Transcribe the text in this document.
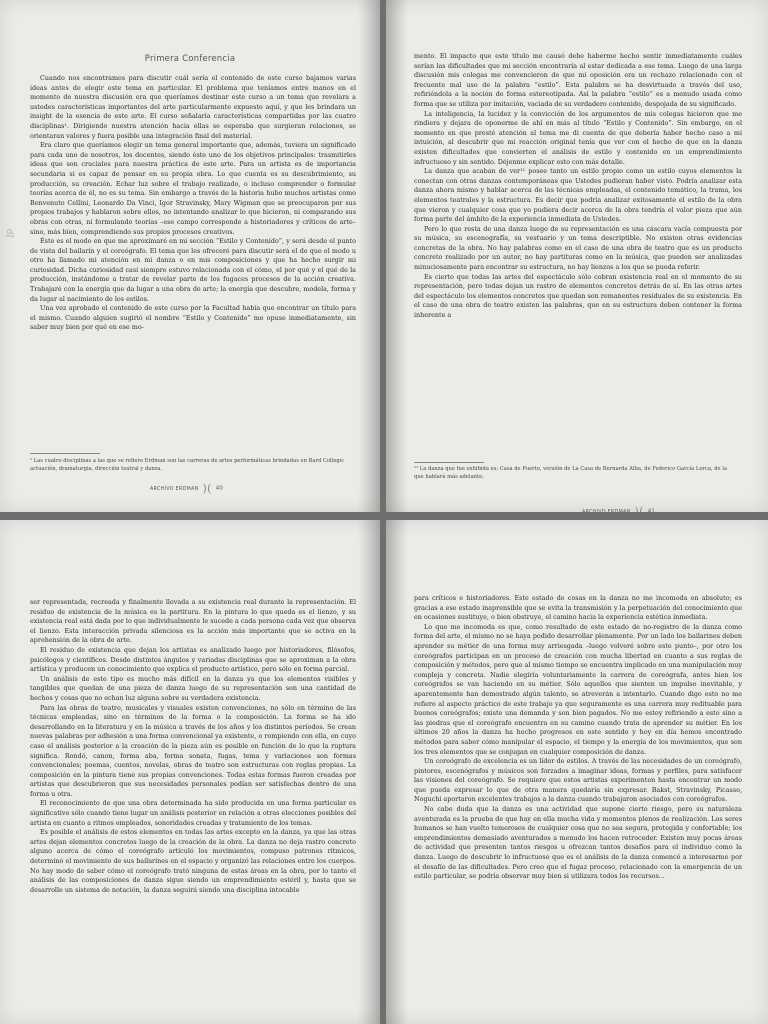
Primera Conferencia
Jp

Cuando nos encontramos para discutir cuál sería el contenido de este curso bajamos varias ideas antes de elegir este tema en particular. El problema que teníamos entre manos en el momento de nuestra discusión era que queríamos destinar este curso a un tema que revelara a ustedes características importantes del arte particularmente expuesto aquí, y que les brindara un insight de la esencia de este arte. El curso señalaría características compartidas por las cuatro disciplinas¹. Dirigiendo nuestra atención hacia ellas se esperaba que surgieran relaciones, se orientaran valores y fuera posible una integración final del material.

Era claro que queríamos elegir un tema general importante que, además, tuviera un significado para cada uno de nosotros, los docentes, siendo éste uno de los objetivos principales: trasmitirles ideas que son cruciales para nuestra práctica de este arte. Para un artista es de importancia secundaria si es capaz de pensar en su propia obra. Lo que cuenta es su descubrimiento, su producción, su creación. Echar luz sobre el trabajo realizado, o incluso comprender o formular teorías acerca de él, no es su tema. Sin embargo a través de la historia hubo muchos artistas como Benvenuto Cellini, Leonardo Da Vinci, Igor Stravinsky, Mary Wigman que se preocuparon por sus propios trabajos y hablaron sobre ellos, no intentando analizar lo que hicieron, ni comparando sus obras con otras, ni formulando teorías –ese campo corresponde a historiadores y críticos de arte– sino, más bien, comprendiendo sus propios procesos creativos.

Éste es el modo en que me aproximaré en mi sección “Estilo y Contenido”, y será desde el punto de vista del bailarín y el coreógrafo. El tema que les ofreceré para discutir será el de que el modo u otro ha llamado mi atención en mi danza o en mis composiciones y que ha hecho surgir mi curiosidad. Dicha curiosidad casi siempre estuvo relacionada con el cómo, el por qué y el qué de la producción, instándome a tratar de revelar parte de los fugaces procesos de la acción creativa. Trabajaré con la energía que da lugar a una obra de arte; la energía que descubre, modela, forma y da lugar al nacimiento de los estilos.

Una vez aprobado el contenido de este curso por la Facultad había que encontrar un título para el mismo. Cuando alguien sugirió el nombre “Estilo y Contenido” me opuse inmediatamente, sin saber muy bien por qué en ese mo-

¹ Las cuatro disciplinas a las que se refiere Erdman son las carreras de artes performáticas brindadas en Bard College: actuación, dramaturgia, dirección teatral y danza.
ARCHIVO ERDMAN )( 40

mento. El impacto que este título me causó debe haberme hecho sentir inmediatamente cuáles serían las dificultades que mi sección encontraría al estar dedicada a ese tema. Luego de una larga discusión mis colegas me convencieron de que mi oposición era un rechazo relacionado con el frecuente mal uso de la palabra “estilo”. Esta palabra se ha desvirtuado a través del uso, refiriéndola a la noción de forma estereotipada. Así la palabra “estilo” es a menudo usada como forma que se utiliza por imitación, vaciada de su verdadero contenido, despojada de su significado.

La inteligencia, la lucidez y la convicción de los argumentos de mis colegas hicieron que me rindiera y dejara de oponerme de ahí en más al título “Estilo y Contenido”. Sin embargo, en el momento en que presté atención al tema me di cuenta de que debería haber hecho caso a mi intuición, al descubrir que mi reacción original tenía que ver con el hecho de que en la danza existen dificultades que convierten el análisis de estilo y contenido en un emprendimiento infructuoso y sin sentido. Déjenme explicar esto con más detalle.

La danza que acaban de ver¹¹ posee tanto un estilo propio como un estilo cuyos elementos la conectan con otras danzas contemporáneas que Ustedes pudieran haber visto. Podría analizar esta danza ahora mismo y hablar acerca de las técnicas empleadas, el contenido temático, la trama, los elementos teatrales y la estructura. Es decir que podría analizar exitosamente el estilo de la obra que vieron y cualquier cosa que yo pudiera decir acerca de la obra tendría el valor pieza que aún forma parte del ámbito de la experiencia inmediata de Ustedes.

Pero lo que resta de una danza luego de su representación es una cáscara vacía compuesta por su música, su escenografía, su vestuario y un tema descriptible. No existen otras evidencias concretas de la obra. No hay palabras como en el caso de una obra de teatro que es un producto concreto realizado por un autor, no hay partituras como en la música, que pueden ser analizadas minuciosamente para encontrar su estructura, no hay lienzos a los que se pueda referir.

Es cierto que todas las artes del espectáculo sólo cobran existencia real en el momento de su representación, pero todas dejan un rastro de elementos concretos detrás de sí. En las otras artes del espectáculo los elementos concretos que quedan son remanentes residuales de su existencia. En el caso de una obra de teatro existen las palabras, que en su estructura deben contener la forma inherente a

¹¹ La danza que fue exhibida es: Casa de Puerto, versión de La Casa de Bernarda Alba, de Federico García Lorca, de la que hablará más adelante.

ser representada, recreada y finalmente llevada a su existencia real durante la representación. El residuo de existencia de la música es la partitura. En la pintura lo que queda es el lienzo, y su existencia real está dada por lo que individualmente le sucede a cada persona cada vez que observa el lienzo. Esta interacción privada silenciosa es la acción más importante que se activa en la aprehensión de la obra de arte.

El residuo de existencia que dejan los artistas es analizado luego por historiadores, filósofos, psicólogos y científicos. Desde distintos ángulos y variadas disciplinas que se aproximan a la obra artística y producen un conocimiento que explica el producto artístico, pero sólo en forma parcial.

Un análisis de este tipo es mucho más difícil en la danza ya que los elementos visibles y tangibles que quedan de una pieza de danza luego de su representación son una cantidad de hechos y cosas que no echan luz alguna sobre su verdadera existencia.

Para las obras de teatro, musicales y visuales existen convenciones, no sólo en término de las técnicas empleadas, sino en términos de la forma o la composición. La forma se ha ido desarrollando en la literatura y en la música a través de los años y los distintos períodos. Se crean nuevas palabras por adhesión a una forma convencional ya existente, o rompiendo con ella, en cuyo caso el análisis posterior a la creación de la pieza aún es posible en función de lo que la ruptura significa. Rondó, canon, forma aba, forma sonata, fugas, tema y variaciones son formas convencionales; poemas, cuentos, novelas, obras de teatro son estructuras con reglas propias. La composición en la pintura tiene sus propias convenciones. Todas estas formas fueron creadas por artistas que descubrieron que sus necesidades personales podían ser satisfechas dentro de una forma u otra.

El reconocimiento de que una obra determinada ha sido producida en una forma particular es significativo sólo cuando tiene lugar un análisis posterior en relación a otras elecciones posibles del artista en cuanto a ritmos empleados, sonoridades creadas y tratamiento de los temas.

Es posible el análisis de estos elementos en todas las artes excepto en la danza, ya que las otras artes dejan elementos concretos luego de la creación de la obra. La danza no deja rastro concreto alguno acerca de cómo el coreógrafo articuló los movimientos, compuso patrones rítmicos, determinó el movimiento de sus bailarines en el espacio y organizó las relaciones entre los cuerpos. No hay modo de saber cómo el coreógrafo trató ninguna de estas áreas en la obra, por lo tanto el análisis de las composiciones de danza sigue siendo un emprendimiento estéril y, hasta que se desarrolle un sistema de notación, la danza seguirá siendo una disciplina intocable

para críticos e historiadores. Este estado de cosas en la danza no me incomoda en absoluto; es gracias a ese estado inaprensible que se evita la transmisión y la perpetuación del conocimiento que en ocasiones sustituye, o bien obstruye, el camino hacia la experiencia estética inmediata.

Lo que me incomoda es que, como resultado de este estado de no-registro de la danza como forma del arte, el mismo no se haya podido desarrollar plenamente. Por un lado los bailarines deben aprender su métier de una forma muy arriesgada –luego volveré sobre este punto–, por otro los coreógrafos participan en un proceso de creación con mucha libertad en cuanto a sus reglas de composición y métodos, pero que al mismo tiempo se encuentra implicado en una manipulación muy compleja y concreta. Nadie elegiría voluntariamente la carrera de coreógrafa, antes bien los coreógrafos se van haciendo en su métier. Sólo aquellos que sienten un impulso inevitable, y aparentemente han demostrado algún talento, se atreverán a intentarlo. Cuando digo esto no me refiero al aspecto práctico de este trabajo ya que seguramente es una carrera muy redituable para buenos coreógrafos; existe una demanda y son bien pagados. No me estoy refiriendo a esto sino a las piedras que el coreógrafo encuentra en su camino cuando trata de aprender su métier. En los últimos 20 años la danza ha hecho progresos en este sentido y hoy en día hemos encontrado métodos para saber cómo manipular el espacio, el tiempo y la energía de los movimientos, que son los tres elementos que se conjugan en cualquier composición de danza.

Un coreógrafo de excelencia es un líder de estilos. A través de las necesidades de un coreógrafo, pintores, escenógrafos y músicos son forzados a imaginar ideas, formas y perfiles, para satisfacer las visiones del coreógrafo. Se requiere que estos artistas experimenten hasta encontrar un modo que pueda expresar lo que de otra manera quedaría sin expresar. Bakst, Stravinsky, Picasso, Noguchi aportaron excelentes trabajos a la danza cuando trabajaron asociados con coreógrafos.

No cabe duda que la danza es una actividad que supone cierto riesgo, pero su naturaleza aventurada es la prueba de que hay en ella mucha vida y momentos plenos de realización. Los seres humanos se han vuelto temerosos de cualquier cosa que no sea segura, protegida y confortable; los emprendimientos demasiado aventurados a menudo los hacen retroceder. Existen muy pocas áreas de actividad que presenten tantos riesgos u ofrezcan tantos desafíos para el individuo como la danza. Luego de descubrir lo infructuoso que es el análisis de la danza comencé a interesarme por el desafío de las dificultades. Pero creo que el fugaz proceso, relacionado con la emergencia de un estilo particular, se podría observar muy bien si utilizara todos los recursos...
